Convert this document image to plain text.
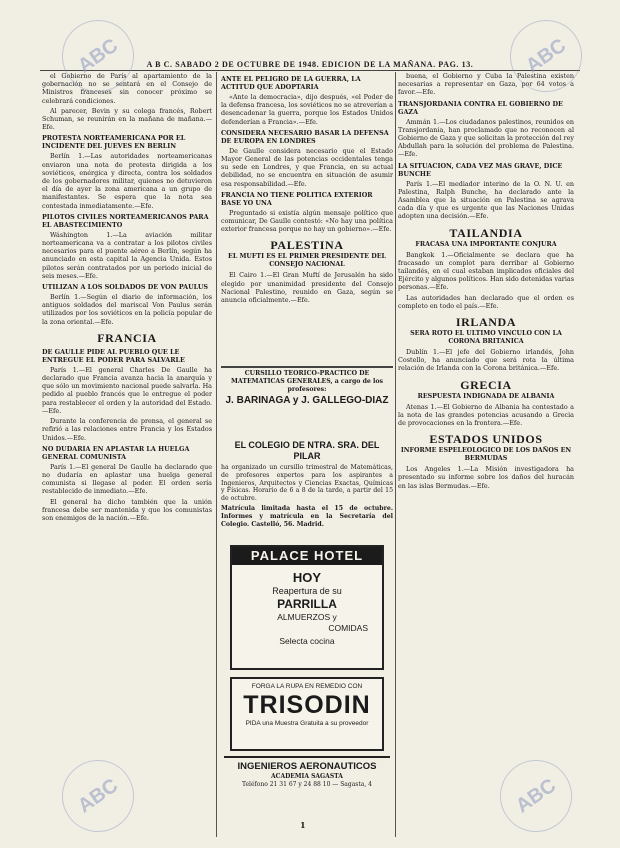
A B C. SABADO 2 DE OCTUBRE DE 1948. EDICION DE LA MAÑANA. PAG. 13.

el Gobierno de París al apartamiento de la gobernación no se sentará en el Consejo de Ministros franceses sin conocer próximo se celebrará condiciones.

Al parecer, Bevin y su colega francés, Robert Schuman, se reunirán en la mañana de mañana.—Efe.

PROTESTA NORTEAMERICANA POR EL INCIDENTE DEL JUEVES EN BERLIN

Berlín 1.—Las autoridades norteamericanas enviaron una nota de protesta dirigida a los soviéticos, enérgica y directa, contra los soldados de los gobernadores militar, quienes no detuvieron el día de ayer la zona americana a un grupo de manifestantes. Se espera que la nota sea contestada inmediatamente.—Efe.

PILOTOS CIVILES NORTEAMERICANOS PARA EL ABASTECIMIENTO

Wáshington 1.—La aviación militar norteamericana va a contratar a los pilotos civiles necesarios para el puente aéreo a Berlín, según ha anunciado en esta capital la Agencia Unida. Estos pilotos serán contratados por un periodo inicial de seis meses.—Efe.

UTILIZAN A LOS SOLDADOS DE VON PAULUS

Berlín 1.—Según el diario de información, los antiguos soldados del mariscal Von Paulus serán utilizados por los soviéticos en la policía popular de la zona oriental.—Efe.

FRANCIA
DE GAULLE PIDE AL PUEBLO QUE LE ENTREGUE EL PODER PARA SALVARLE

París 1.—El general Charles De Gaulle ha declarado que Francia avanza hacia la anarquía y que sólo un movimiento nacional puede salvarla. Ha pedido al pueblo francés que le entregue el poder para restablecer el orden y la autoridad del Estado.—Efe.

Durante la conferencia de prensa, el general se refirió a las relaciones entre Francia y los Estados Unidos.—Efe.

NO DUDARIA EN APLASTAR LA HUELGA GENERAL COMUNISTA

París 1.—El general De Gaulle ha declarado que no dudaría en aplastar una huelga general comunista si llegase al poder. El orden sería restablecido de inmediato.—Efe.

El general ha dicho también que la unión francesa debe ser mantenida y que los comunistas son enemigos de la nación.—Efe.

ANTE EL PELIGRO DE LA GUERRA, LA ACTITUD QUE ADOPTARIA

«Ante la democracia», dijo después, «el Poder de la defensa francesa, los soviéticos no se atreverían a desencadenar la guerra, porque los Estados Unidos defenderían a Francia».—Efe.

CONSIDERA NECESARIO BASAR LA DEFENSA DE EUROPA EN LONDRES

De Gaulle considera necesario que el Estado Mayor General de las potencias occidentales tenga su sede en Londres, y que Francia, en su actual debilidad, no se encuentra en situación de asumir esa responsabilidad.—Efe.

FRANCIA NO TIENE POLITICA EXTERIOR BASE YO UNA

Preguntado si existía algún mensaje político que comunicar, De Gaulle contestó: «No hay una política exterior francesa porque no hay un gobierno».—Efe.

PALESTINA
EL MUFTI ES EL PRIMER PRESIDENTE DEL CONSEJO NACIONAL

El Cairo 1.—El Gran Muftí de Jerusalén ha sido elegido por unanimidad presidente del Consejo Nacional Palestino, reunido en Gaza, según se anuncia oficialmente.—Efe.

CURSILLO TEORICO-PRACTICO DE MATEMATICAS GENERALES, a cargo de los profesores:
J. BARINAGA y J. GALLEGO-DIAZ
EL COLEGIO DE NTRA. SRA. DEL PILAR

ha organizado un cursillo trimestral de Matemáticas, de profesores expertos para los aspirantes a Ingenieros, Arquitectos y Ciencias Exactas, Químicas y Físicas. Horario de 6 a 8 de la tarde, a partir del 15 de octubre.

Matrícula limitada hasta el 15 de octubre. Informes y matrícula en la Secretaría del Colegio. Castelló, 56. Madrid.

PALACE HOTEL
HOY
Reapertura de su
PARRILLA
ALMUERZOS y
COMIDAS
Selecta cocina
FORGA LA RUPA EN REMEDIO CON
TRISODIN
PIDA una Muestra Gratuita a su proveedor
INGENIEROS AERONAUTICOS
ACADEMIA SAGASTA
Teléfono 21 31 67 y 24 88 10 — Sagasta, 4

buena, el Gobierno y Cuba la Palestina existen necesarias a representar en Gaza, por 64 votos a favor.—Efe.

TRANSJORDANIA CONTRA EL GOBIERNO DE GAZA

Ammán 1.—Los ciudadanos palestinos, reunidos en Transjordania, han proclamado que no reconocen al Gobierno de Gaza y que solicitan la protección del rey Abdullah para la solución del problema de Palestina.—Efe.

LA SITUACION, CADA VEZ MAS GRAVE, DICE BUNCHE

París 1.—El mediador interino de la O. N. U. en Palestina, Ralph Bunche, ha declarado ante la Asamblea que la situación en Palestina se agrava cada día y que es urgente que las Naciones Unidas adopten una decisión.—Efe.

TAILANDIA
FRACASA UNA IMPORTANTE CONJURA

Bangkok 1.—Oficialmente se declara que ha fracasado un complot para derribar al Gobierno tailandés, en el cual estaban implicados oficiales del Ejército y algunos políticos. Han sido detenidas varias personas.—Efe.

Las autoridades han declarado que el orden es completo en todo el país.—Efe.

IRLANDA
SERA ROTO EL ULTIMO VINCULO CON LA CORONA BRITANICA

Dublín 1.—El jefe del Gobierno irlandés, John Costello, ha anunciado que será rota la última relación de Irlanda con la Corona británica.—Efe.

GRECIA
RESPUESTA INDIGNADA DE ALBANIA

Atenas 1.—El Gobierno de Albania ha contestado a la nota de las grandes potencias acusando a Grecia de provocaciones en la frontera.—Efe.

ESTADOS UNIDOS
INFORME ESPELEOLOGICO DE LOS DAÑOS EN BERMUDAS

Los Angeles 1.—La Misión investigadora ha presentado su informe sobre los daños del huracán en las islas Bermudas.—Efe.

ABC	ABC
ABC	ABC
1
